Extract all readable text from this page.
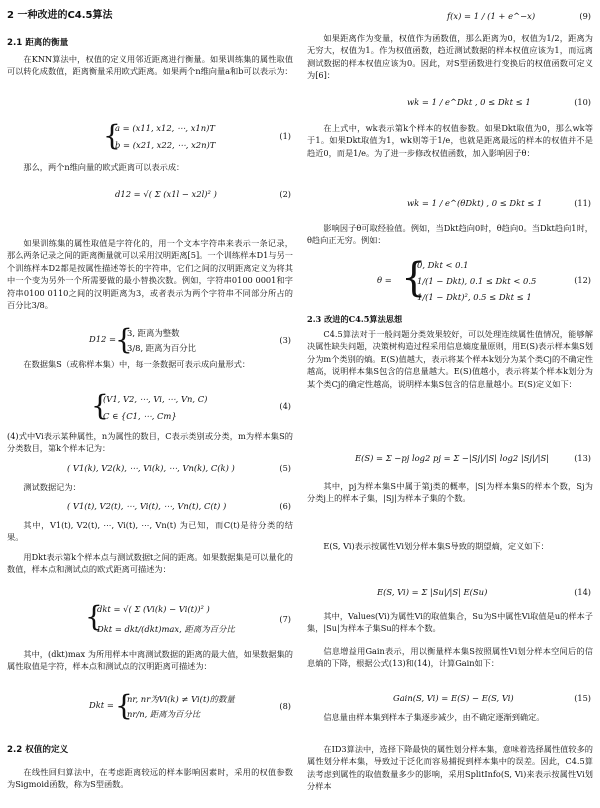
2 一种改进的C4.5算法
2.1 距离的衡量

在KNN算法中，权值的定义用邻近距离进行衡量。如果训练集的属性取值可以转化成数值，距离衡量采用欧式距离。如果两个n维向量a和b可以表示为：

{
a = (x11, x12, ⋯, x1n)T
b = (x21, x22, ⋯, x2n)T
(1)

那么，两个n维向量的欧式距离可以表示成：

d12 = √( Σ (x1l − x2l)² )	(2)

如果训练集的属性取值是字符化的，用一个文本字符串来表示一条记录，那么两条记录之间的距离衡量就可以采用汉明距离[5]。一个训练样本D1与另一个训练样本D2都是按属性描述等长的字符串，它们之间的汉明距离定义为将其中一个变为另外一个所需要做的最小替换次数。例如，字符串0100 0001和字符串0100 0110之间的汉明距离为3，或者表示为两个字符串不同部分所占的百分比3/8。

D12 =
{
3, 距离为整数
3/8, 距离为百分比
(3)

在数据集S（或称样本集）中，每一条数据可表示成向量形式：

{
(V1, V2, ⋯, Vi, ⋯, Vn, C)
C ∈ {C1, ⋯, Cm}
(4)

(4)式中Vi表示某种属性，n为属性的数目，C表示类别或分类，m为样本集S的分类数目，第k个样本记为：

( V1(k), V2(k), ⋯, Vi(k), ⋯, Vn(k), C(k) )	(5)

测试数据记为：

( V1(t), V2(t), ⋯, Vi(t), ⋯, Vn(t), C(t) )	(6)

其中，V1(t), V2(t), ⋯, Vi(t), ⋯, Vn(t) 为已知，而C(t)是待分类的结果。

用Dkt表示第k个样本点与测试数据t之间的距离。如果数据集是可以量化的数值，样本点和测试点的欧式距离可描述为：

{
dkt = √( Σ (Vi(k) − Vi(t))² )
Dkt = dkt/(dkt)max, 距离为百分比
(7)

其中，(dkt)max 为所用样本中离测试数据的距离的最大值，如果数据集的属性取值是字符，样本点和测试点的汉明距离可描述为：

Dkt = {
nr, nr为Vi(k) ≠ Vi(t)的数量
nr/n, 距离为百分比
(8)
2.2 权值的定义

在线性回归算法中，在考虑距离较远的样本影响因素时，采用的权值参数为Sigmoid函数，称为S型函数。

f(x) = 1 / (1 + e^−x)	(9)

如果距离作为变量，权值作为函数值，那么距离为0，权值为1/2，距离为无穷大，权值为1。作为权值函数，趋近测试数据的样本权值应该为1，而远离测试数据的样本权值应该为0。因此，对S型函数进行变换后的权值函数可定义为[6]：

wk = 1 / e^Dkt , 0 ≤ Dkt ≤ 1	(10)

在上式中，wk表示第k个样本的权值参数。如果Dkt取值为0，那么wk等于1。如果Dkt取值为1，wk则等于1/e，也就是距离最远的样本的权值并不是趋近0，而是1/e。为了进一步修改权值函数，加入影响因子θ：

wk = 1 / e^(θDkt) , 0 ≤ Dkt ≤ 1	(11)

影响因子θ可取经验值。例如，当Dkt趋向0时，θ趋向0。当Dkt趋向1时，θ趋向正无穷。例如：

θ = {
0, Dkt < 0.1
1/(1 − Dkt), 0.1 ≤ Dkt < 0.5
1/(1 − Dkt)², 0.5 ≤ Dkt ≤ 1
(12)
2.3 改进的C4.5算法思想

C4.5算法对于一般问题分类效果较好，可以处理连续属性值情况，能够解决属性缺失问题，决策树构造过程采用信息熵度量原则，用E(S)表示样本集S划分为m个类别的熵。E(S)值越大，表示将某个样本k划分为某个类Cj的不确定性越高，说明样本集S包含的信息量越大。E(S)值越小，表示将某个样本k划分为某个类Cj的确定性越高，说明样本集S包含的信息量越小。E(S)定义如下：

E(S) = Σ −pj log2 pj = Σ −|Sj|/|S| log2 |Sj|/|S|	(13)

其中，pj为样本集S中属于第j类的概率，|S|为样本集S的样本个数，Sj为分类j上的样本子集，|Sj|为样本子集的个数。

E(S, Vi)表示按属性Vi划分样本集S导致的期望熵，定义如下：

E(S, Vi) = Σ |Su|/|S| E(Su)	(14)

其中，Values(Vi)为属性Vi的取值集合，Su为S中属性Vi取值是u的样本子集，|Su|为样本子集Su的样本个数。

信息增益用Gain表示，用以衡量样本集S按照属性Vi划分样本空间后的信息熵的下降，根据公式(13)和(14)，计算Gain如下：

Gain(S, Vi) = E(S) − E(S, Vi)	(15)

信息量由样本集到样本子集逐步减少，由不确定逐渐到确定。

在ID3算法中，选择下降最快的属性划分样本集，意味着选择属性值较多的属性划分样本集，导致过于泛化而容易捕捉到样本集中的误差。因此，C4.5算法考虑到属性的取值数量多少的影响，采用SplitInfo(S, Vi)来表示按属性Vi划分样本
